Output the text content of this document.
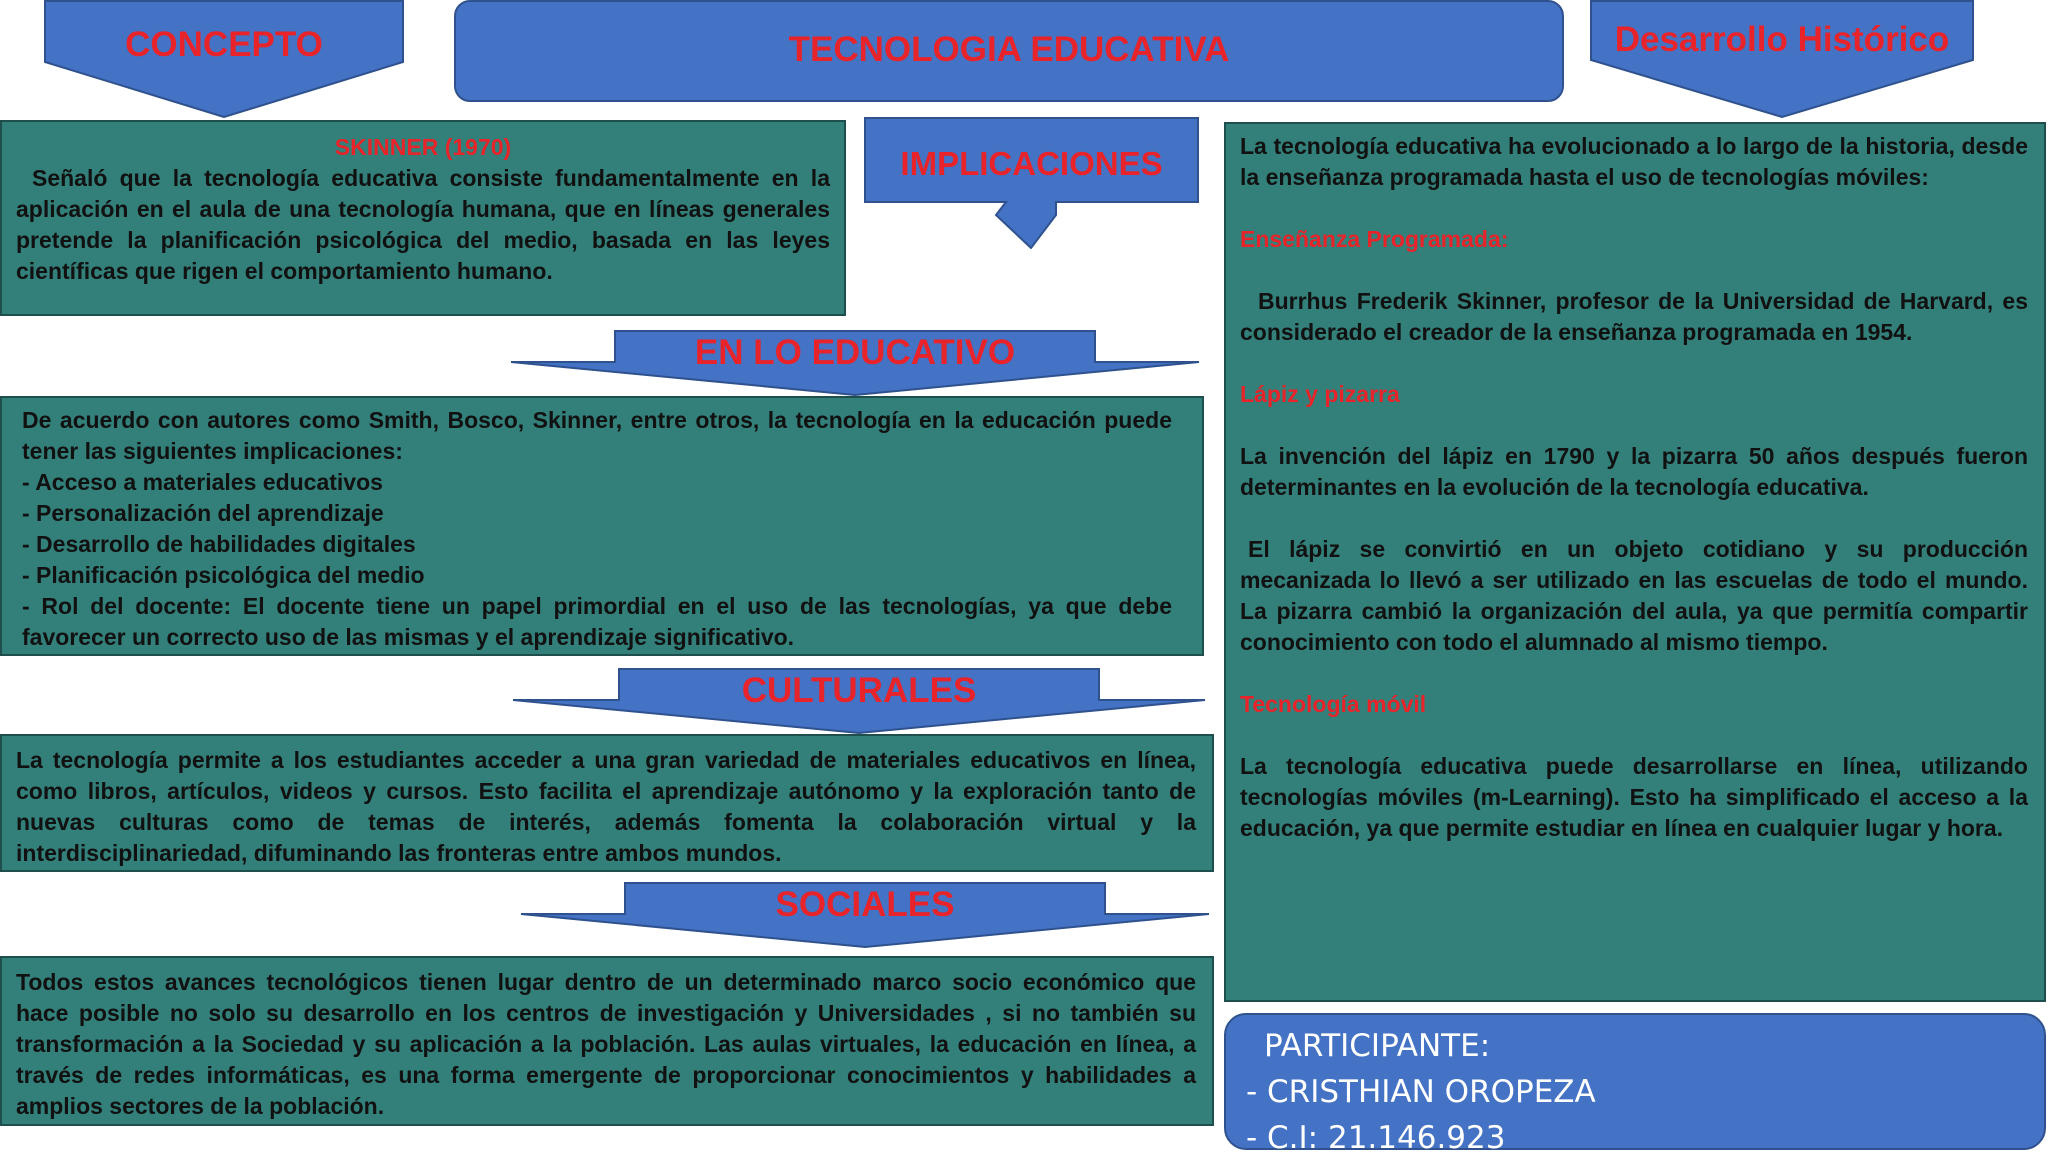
TECNOLOGIA EDUCATIVA
CONCEPTO	Desarrollo Histórico

SKINNER (1970)

Señaló que la tecnología educativa consiste fundamentalmente en la aplicación en el aula de una tecnología humana, que en líneas generales pretende la planificación psicológica del medio, basada en las leyes científicas que rigen el comportamiento humano.

IMPLICACIONES
EN LO EDUCATIVO

De acuerdo con autores como Smith, Bosco, Skinner, entre otros, la tecnología en la educación puede tener las siguientes implicaciones:

- Acceso a materiales educativos

- Personalización del aprendizaje

- Desarrollo de habilidades digitales

- Planificación psicológica del medio

- Rol del docente: El docente tiene un papel primordial en el uso de las tecnologías, ya que debe favorecer un correcto uso de las mismas y el aprendizaje significativo.

CULTURALES

La tecnología permite a los estudiantes acceder a una gran variedad de materiales educativos en línea, como libros, artículos, videos y cursos. Esto facilita el aprendizaje autónomo y la exploración tanto de nuevas culturas como de temas de interés, además fomenta la colaboración virtual y la interdisciplinariedad, difuminando las fronteras entre ambos mundos.

SOCIALES

Todos estos avances tecnológicos tienen lugar dentro de un determinado marco socio económico que hace posible no solo su desarrollo en los centros de investigación y Universidades , si no también su transformación a la Sociedad y su aplicación a la población. Las aulas virtuales, la educación en línea, a través de redes informáticas, es una forma emergente de proporcionar conocimientos y habilidades a amplios sectores de la población.

La tecnología educativa ha evolucionado a lo largo de la historia, desde la enseñanza programada hasta el uso de tecnologías móviles:

Enseñanza Programada:

Burrhus Frederik Skinner, profesor de la Universidad de Harvard, es considerado el creador de la enseñanza programada en 1954.

Lápiz y pizarra

La invención del lápiz en 1790 y la pizarra 50 años después fueron determinantes en la evolución de la tecnología educativa.

El lápiz se convirtió en un objeto cotidiano y su producción mecanizada lo llevó a ser utilizado en las escuelas de todo el mundo. La pizarra cambió la organización del aula, ya que permitía compartir conocimiento con todo el alumnado al mismo tiempo.

Tecnología móvil

La tecnología educativa puede desarrollarse en línea, utilizando tecnologías móviles (m-Learning). Esto ha simplificado el acceso a la educación, ya que permite estudiar en línea en cualquier lugar y hora.

PARTICIPANTE:
- CRISTHIAN OROPEZA
- C.I: 21.146.923
